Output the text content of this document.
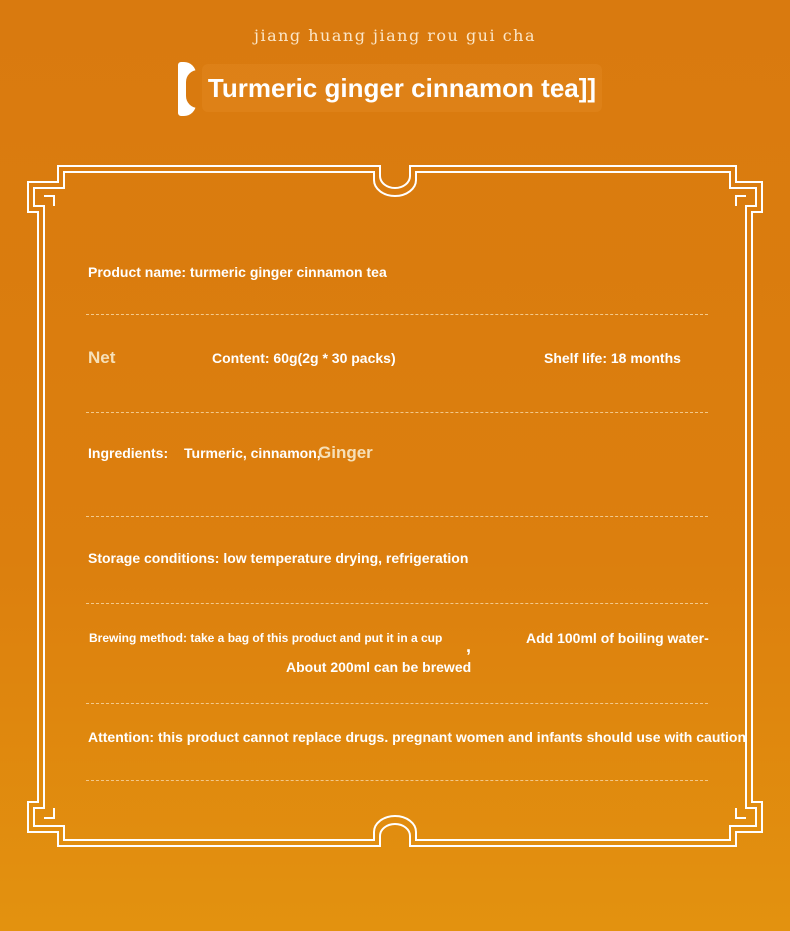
jiang huang jiang rou gui cha
Turmeric ginger cinnamon tea]]
Product name: turmeric ginger cinnamon tea
Net	Content: 60g(2g * 30 packs)	Shelf life: 18 months
Ingredients: Turmeric, cinnamon,
Ginger
Storage conditions: low temperature drying, refrigeration
Brewing method: take a bag of this product and put it in a cup ,	Add 100ml of boiling water-
About 200ml can be brewed
Attention: this product cannot replace drugs. pregnant women and infants should use with caution
